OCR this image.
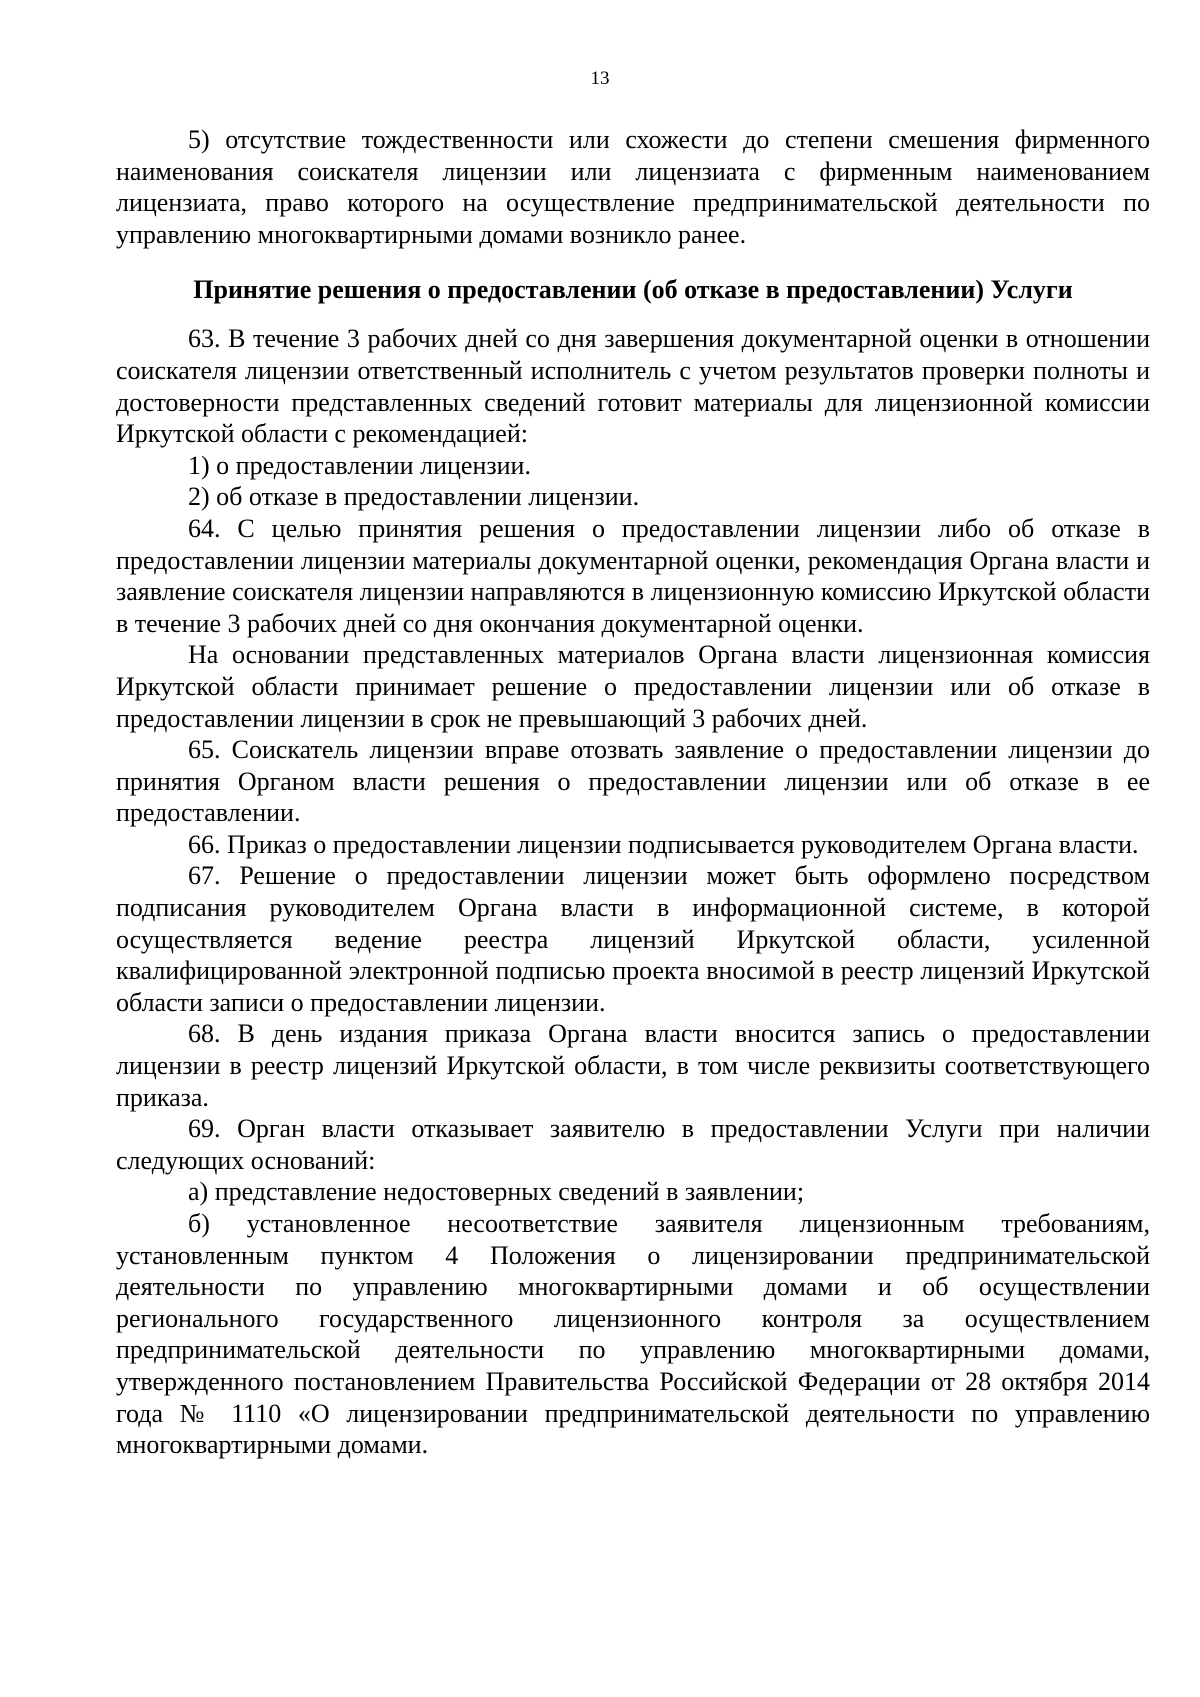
13

5) отсутствие тождественности или схожести до степени смешения фирменного наименования соискателя лицензии или лицензиата с фирменным наименованием лицензиата, право которого на осуществление предпринимательской деятельности по управлению многоквартирными домами возникло ранее.

Принятие решения о предоставлении (об отказе в предоставлении) Услуги

63. В течение 3 рабочих дней со дня завершения документарной оценки в отношении соискателя лицензии ответственный исполнитель с учетом результатов проверки полноты и достоверности представленных сведений готовит материалы для лицензионной комиссии Иркутской области с рекомендацией:

1) о предоставлении лицензии.

2) об отказе в предоставлении лицензии.

64. С целью принятия решения о предоставлении лицензии либо об отказе в предоставлении лицензии материалы документарной оценки, рекомендация Органа власти и заявление соискателя лицензии направляются в лицензионную комиссию Иркутской области в течение 3 рабочих дней со дня окончания документарной оценки.

На основании представленных материалов Органа власти лицензионная комиссия Иркутской области принимает решение о предоставлении лицензии или об отказе в предоставлении лицензии в срок не превышающий 3 рабочих дней.

65. Соискатель лицензии вправе отозвать заявление о предоставлении лицензии до принятия Органом власти решения о предоставлении лицензии или об отказе в ее предоставлении.

66. Приказ о предоставлении лицензии подписывается руководителем Органа власти.

67. Решение о предоставлении лицензии может быть оформлено посредством подписания руководителем Органа власти в информационной системе, в которой осуществляется ведение реестра лицензий Иркутской области, усиленной квалифицированной электронной подписью проекта вносимой в реестр лицензий Иркутской области записи о предоставлении лицензии.

68. В день издания приказа Органа власти вносится запись о предоставлении лицензии в реестр лицензий Иркутской области, в том числе реквизиты соответствующего приказа.

69. Орган власти отказывает заявителю в предоставлении Услуги при наличии следующих оснований:

а) представление недостоверных сведений в заявлении;

б) установленное несоответствие заявителя лицензионным требованиям, установленным пунктом 4 Положения о лицензировании предпринимательской деятельности по управлению многоквартирными домами и об осуществлении регионального государственного лицензионного контроля за осуществлением предпринимательской деятельности по управлению многоквартирными домами, утвержденного постановлением Правительства Российской Федерации от 28 октября 2014 года № 1110 «О лицензировании предпринимательской деятельности по управлению многоквартирными домами.
